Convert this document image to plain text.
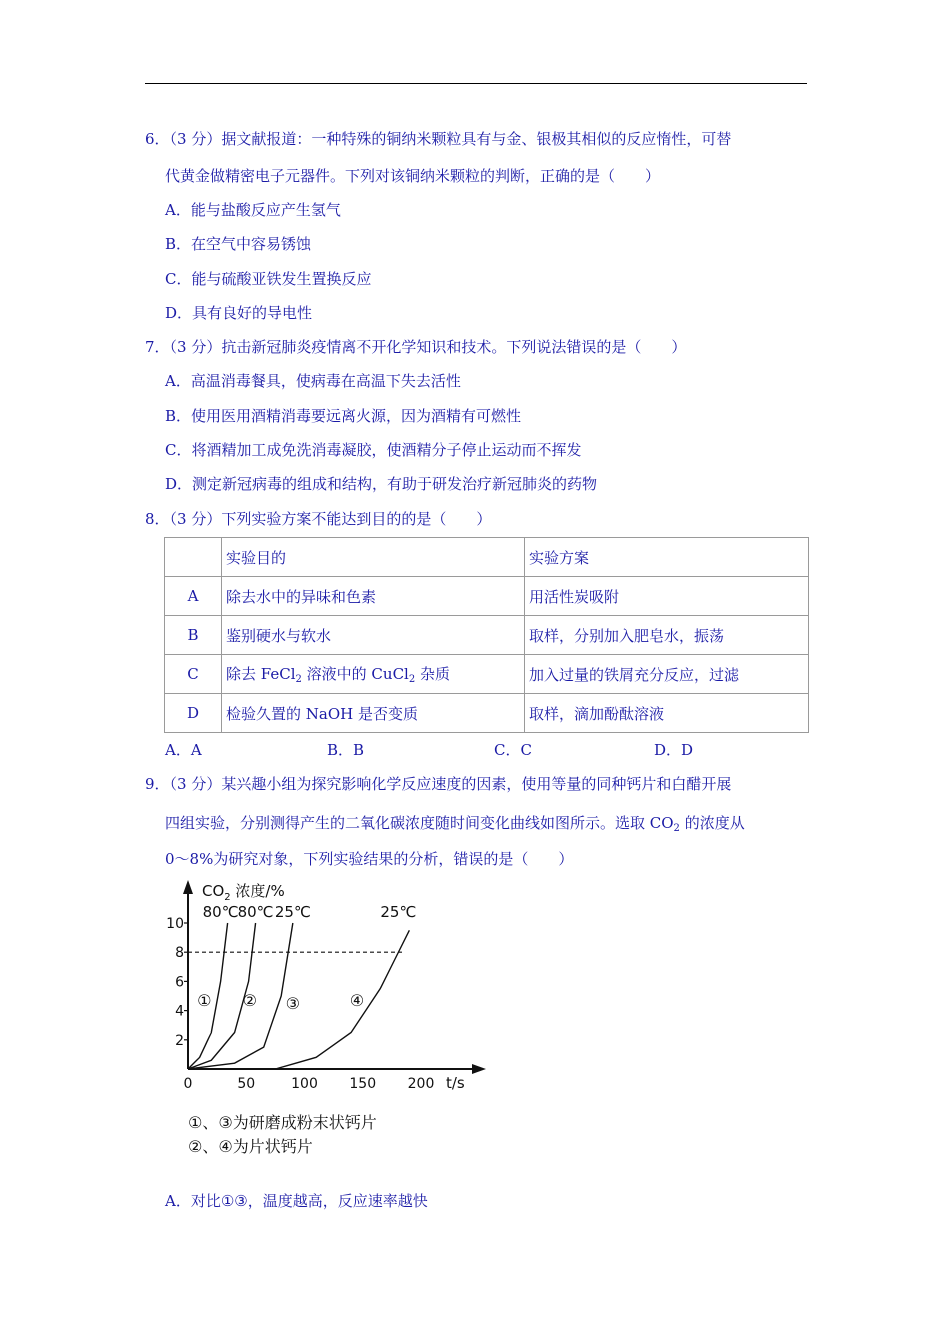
6．（3 分）据文献报道：一种特殊的铜纳米颗粒具有与金、银极其相似的反应惰性，可替
代黄金做精密电子元器件。下列对该铜纳米颗粒的判断，正确的是（　　）
A．能与盐酸反应产生氢气
B．在空气中容易锈蚀
C．能与硫酸亚铁发生置换反应
D．具有良好的导电性
7．（3 分）抗击新冠肺炎疫情离不开化学知识和技术。下列说法错误的是（　　）
A．高温消毒餐具，使病毒在高温下失去活性
B．使用医用酒精消毒要远离火源，因为酒精有可燃性
C．将酒精加工成免洗消毒凝胶，使酒精分子停止运动而不挥发
D．测定新冠病毒的组成和结构，有助于研发治疗新冠肺炎的药物
8．（3 分）下列实验方案不能达到目的的是（　　）
	实验目的	实验方案
A	除去水中的异味和色素	用活性炭吸附
B	鉴别硬水与软水	取样，分别加入肥皂水，振荡
C	除去 FeCl$_2$ 溶液中的 CuCl$_2$ 杂质	加入过量的铁屑充分反应，过滤
D	检验久置的 NaOH 是否变质	取样，滴加酚酞溶液
A．A	B．B	C．C	D．D
9．（3 分）某兴趣小组为探究影响化学反应速度的因素，使用等量的同种钙片和白醋开展
四组实验，分别测得产生的二氧化碳浓度随时间变化曲线如图所示。选取 $CO_2$ 的浓度从
0～8%为研究对象，下列实验结果的分析，错误的是（　　）
$CO_2$ 浓度/%
t/s
0	50	100 150 200
2
4
6
8
10
80℃
①
80℃
②
25℃
③
25℃
④
①、③为研磨成粉末状钙片
②、④为片状钙片
A．对比①③，温度越高，反应速率越快
